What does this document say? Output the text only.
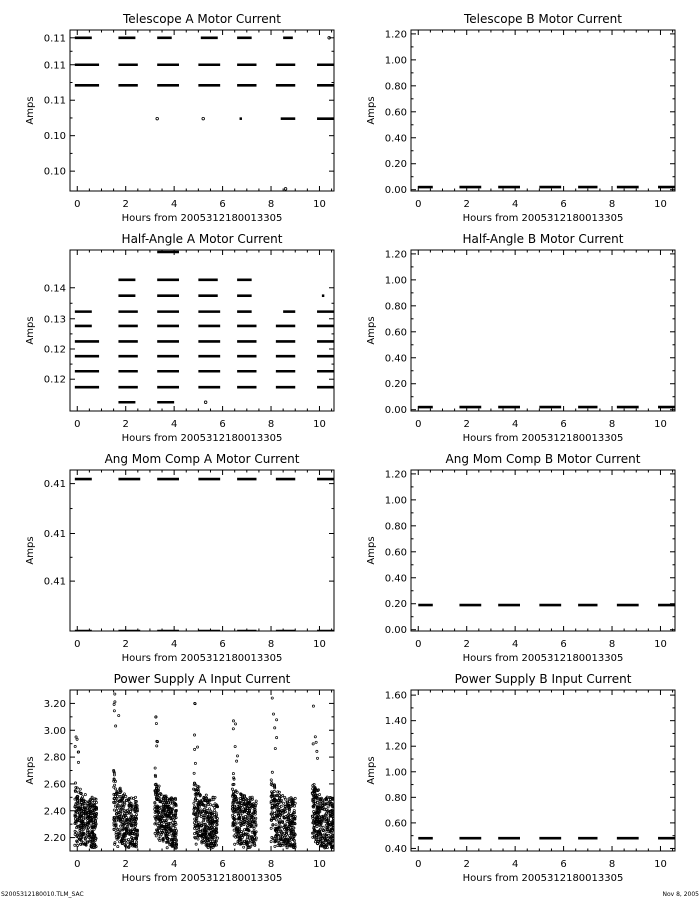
Telescope A Motor Current
Hours from 2005312180013305
Amps
0	2	4	6	8	10
0.10
0.10
0.11
0.11
0.11
Telescope B Motor Current
Hours from 2005312180013305
Amps
0	2	4	6	8	10
0.00
0.20
0.40
0.60
0.80
1.00
1.20
Half-Angle A Motor Current
Hours from 2005312180013305
Amps
0	2	4	6	8	10
0.12
0.12
0.13
0.14
Half-Angle B Motor Current
Hours from 2005312180013305
Amps
0	2	4	6	8	10
0.00
0.20
0.40
0.60
0.80
1.00
1.20
Ang Mom Comp A Motor Current
Hours from 2005312180013305
Amps
0	2	4	6	8	10
0.41
0.41
0.41
Ang Mom Comp B Motor Current
Hours from 2005312180013305
Amps
0	2	4	6	8	10
0.00
0.20
0.40
0.60
0.80
1.00
1.20
Power Supply A Input Current
Hours from 2005312180013305
Amps
0	2	4	6	8	10
2.20
2.40
2.60
2.80
3.00
3.20
Power Supply B Input Current
Hours from 2005312180013305
Amps
0	2	4	6	8	10
0.40
0.60
0.80
1.00
1.20
1.40
1.60
S2005312180010.TLM_SAC	Nov 8, 2005
